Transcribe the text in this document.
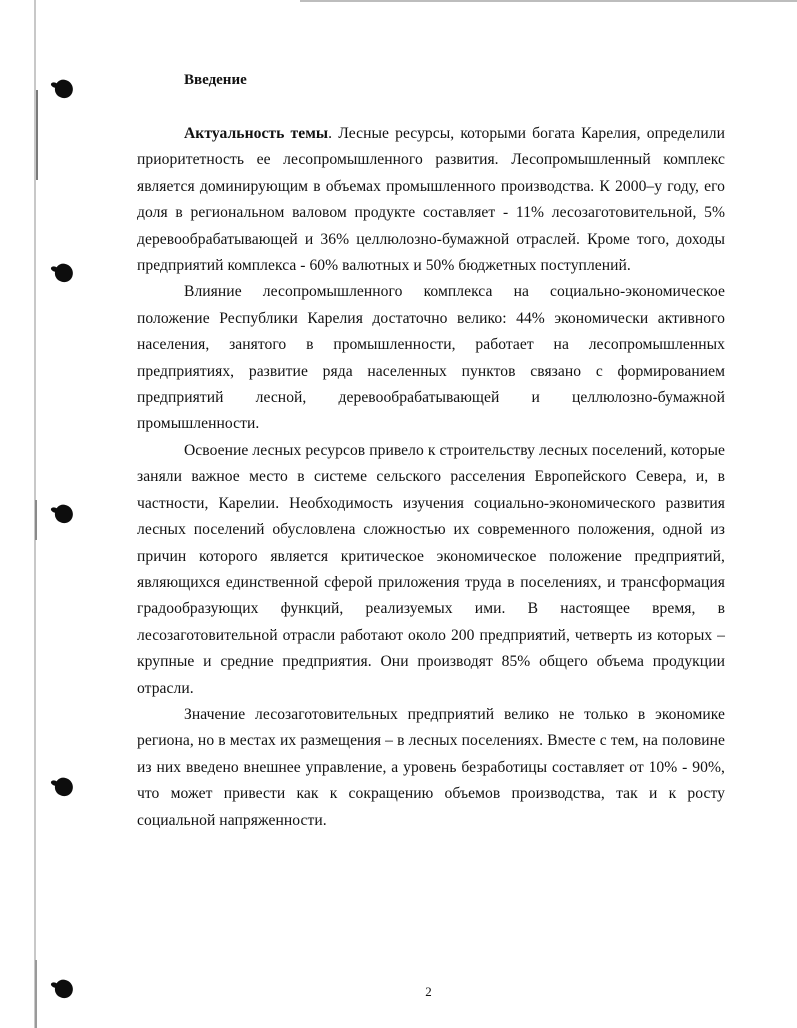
Введение

Актуальность темы. Лесные ресурсы, которыми богата Карелия, определили приоритетность ее лесопромышленного развития. Лесопромышленный комплекс является доминирующим в объемах промышленного производства. К 2000–у году, его доля в региональном валовом продукте составляет - 11% лесозаготовительной, 5% деревообрабатывающей и 36% целлюлозно-бумажной отраслей. Кроме того, доходы предприятий комплекса - 60% валютных и 50% бюджетных поступлений.

Влияние лесопромышленного комплекса на социально-экономическое положение Республики Карелия достаточно велико: 44% экономически активного населения, занятого в промышленности, работает на лесопромышленных предприятиях, развитие ряда населенных пунктов связано с формированием предприятий лесной, деревообрабатывающей и целлюлозно-бумажной промышленности.

Освоение лесных ресурсов привело к строительству лесных поселений, которые заняли важное место в системе сельского расселения Европейского Севера, и, в частности, Карелии. Необходимость изучения социально-экономического развития лесных поселений обусловлена сложностью их современного положения, одной из причин которого является критическое экономическое положение предприятий, являющихся единственной сферой приложения труда в поселениях, и трансформация градообразующих функций, реализуемых ими. В настоящее время, в лесозаготовительной отрасли работают около 200 предприятий, четверть из которых – крупные и средние предприятия. Они производят 85% общего объема продукции отрасли.

Значение лесозаготовительных предприятий велико не только в экономике региона, но в местах их размещения – в лесных поселениях. Вместе с тем, на половине из них введено внешнее управление, а уровень безработицы составляет от 10% - 90%, что может привести как к сокращению объемов производства, так и к росту социальной напряженности.

2
